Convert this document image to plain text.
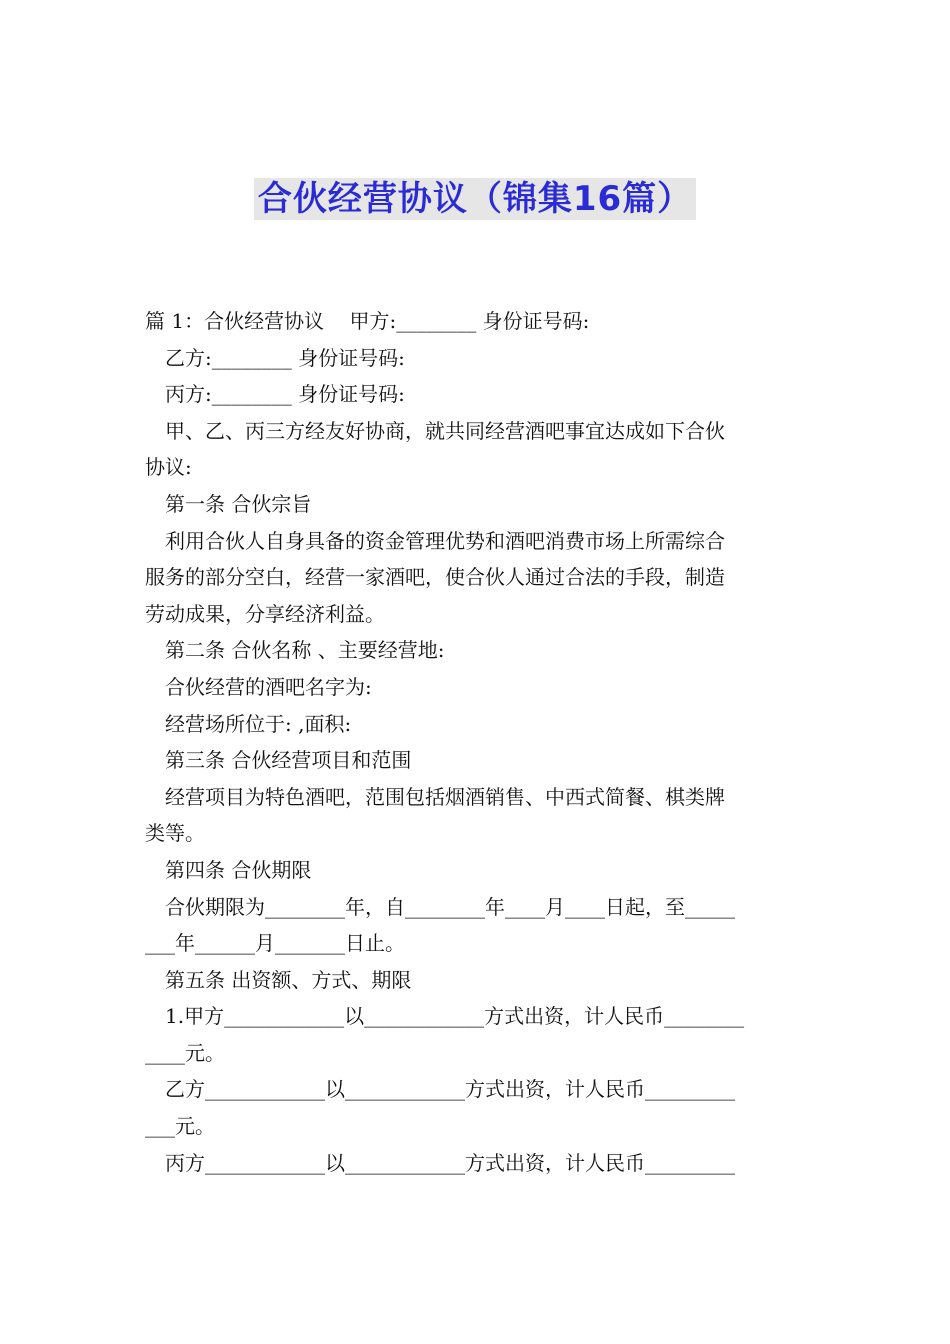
合伙经营协议（锦集16篇）

篇 1：合伙经营协议    甲方:________ 身份证号码:

乙方:________ 身份证号码:

丙方:________ 身份证号码:

甲、乙、丙三方经友好协商，就共同经营酒吧事宜达成如下合伙

协议:

第一条 合伙宗旨

利用合伙人自身具备的资金管理优势和酒吧消费市场上所需综合

服务的部分空白，经营一家酒吧，使合伙人通过合法的手段，制造

劳动成果，分享经济利益。

第二条 合伙名称 、主要经营地:

合伙经营的酒吧名字为:

经营场所位于: ,面积:

第三条 合伙经营项目和范围

经营项目为特色酒吧，范围包括烟酒销售、中西式简餐、棋类牌

类等。

第四条 合伙期限

合伙期限为________年，自________年____月____日起，至_____

___年______月_______日止。

第五条 出资额、方式、期限

1.甲方____________以____________方式出资，计人民币________

____元。

乙方____________以____________方式出资，计人民币_________

___元。

丙方____________以____________方式出资，计人民币_________
